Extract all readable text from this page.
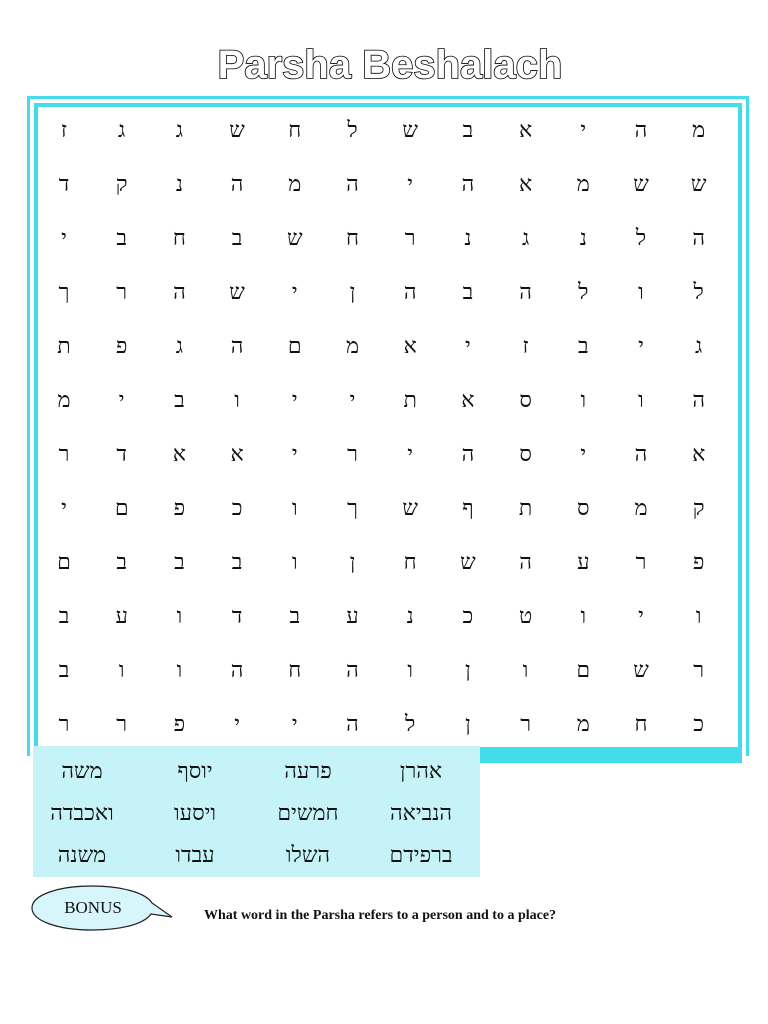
Parsha Beshalach
מ
ה
י
א
ב
ש
ל
ח
ש
ג
ג
ז
ש
ש
מ
א
ה
י
ה
מ
ה
נ
ק
ד
ה
ל
נ
ג
נ
ר
ח
ש
ב
ח
ב
י
ל
ו
ל
ה
ב
ה
ן
י
ש
ה
ר
ך
ג
י
ב
ז
י
א
מ
ם
ה
ג
פ
ת
ה
ו
ו
ס
א
ת
י
י
ו
ב
י
מ
א
ה
י
ס
ה
י
ר
י
א
א
ד
ר
ק
מ
ס
ת
ף
ש
ך
ו
כ
פ
ם
י
פ
ר
ע
ה
ש
ח
ן
ו
ב
ב
ב
ם
ו
י
ו
ט
כ
נ
ע
ב
ד
ו
ע
ב
ר
ש
ם
ו
ן
ו
ה
ח
ה
ו
ו
ב
כ
ח
מ
ר
ן
ל
ה
י
י
פ
ר
ר
אהרן
פרעה
יוסף
משה
הנביאה
חמשים
ויסעו
ואכבדה
ברפידם
השלו
עבדו
משנה
BONUS	What word in the Parsha refers to a person and to a place?
